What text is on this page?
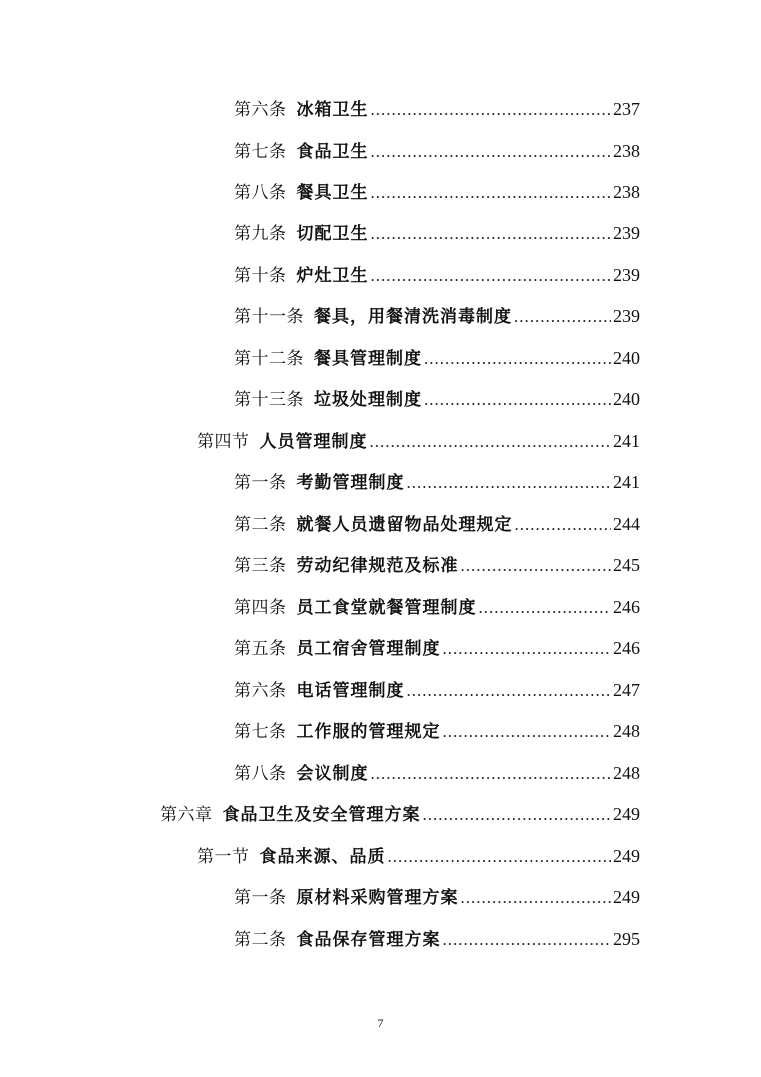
第六条 冰箱卫生 .....	237
第七条 食品卫生 .....	238
第八条 餐具卫生 .....	238
第九条 切配卫生 .....	239
第十条 炉灶卫生 .....	239
第十一条 餐具，用餐清洗消毒制度 .....	239
第十二条 餐具管理制度 .....	240
第十三条 垃圾处理制度 .....	240
第四节 人员管理制度 .....	241
第一条 考勤管理制度 .....	241
第二条 就餐人员遗留物品处理规定 .....	244
第三条 劳动纪律规范及标准 .....	245
第四条 员工食堂就餐管理制度 .....	246
第五条 员工宿舍管理制度 .....	246
第六条 电话管理制度 .....	247
第七条 工作服的管理规定 .....	248
第八条 会议制度 .....	248
第六章 食品卫生及安全管理方案 .....	249
第一节 食品来源、品质 .....	249
第一条 原材料采购管理方案 .....	249
第二条 食品保存管理方案 .....	295
7
